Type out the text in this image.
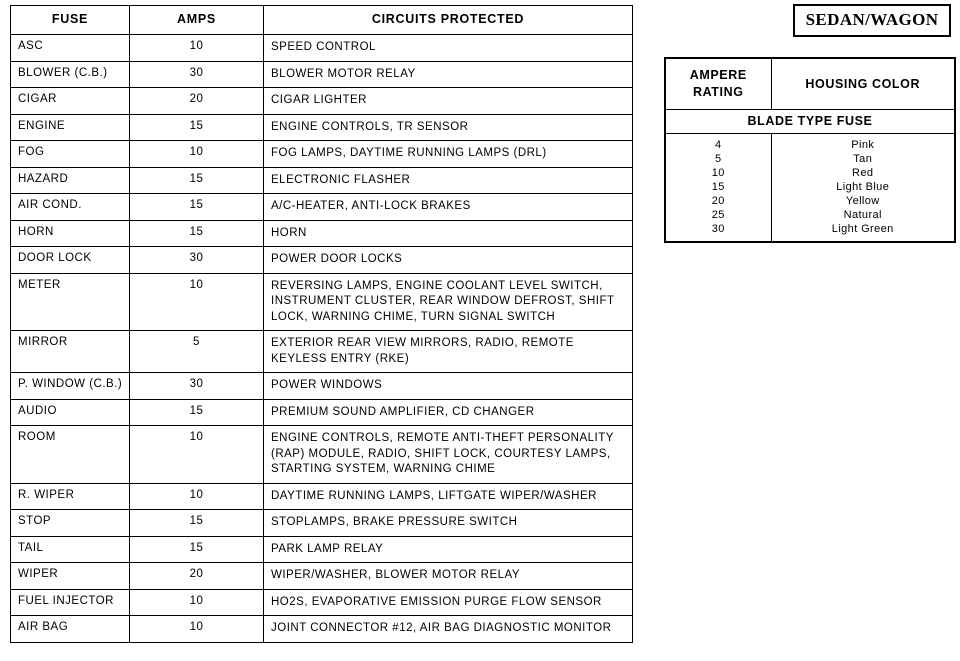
FUSE	AMPS	CIRCUITS PROTECTED
ASC	10	SPEED CONTROL
BLOWER (C.B.)	30	BLOWER MOTOR RELAY
CIGAR	20	CIGAR LIGHTER
ENGINE	15	ENGINE CONTROLS, TR SENSOR
FOG	10	FOG LAMPS, DAYTIME RUNNING LAMPS (DRL)
HAZARD	15	ELECTRONIC FLASHER
AIR COND.	15	A/C-HEATER, ANTI-LOCK BRAKES
HORN	15	HORN
DOOR LOCK	30	POWER DOOR LOCKS
METER	10	REVERSING LAMPS, ENGINE COOLANT LEVEL SWITCH, INSTRUMENT CLUSTER, REAR WINDOW DEFROST, SHIFT LOCK, WARNING CHIME, TURN SIGNAL SWITCH
MIRROR	5	EXTERIOR REAR VIEW MIRRORS, RADIO, REMOTE KEYLESS ENTRY (RKE)
P. WINDOW (C.B.)	30	POWER WINDOWS
AUDIO	15	PREMIUM SOUND AMPLIFIER, CD CHANGER
ROOM	10	ENGINE CONTROLS, REMOTE ANTI-THEFT PERSONALITY (RAP) MODULE, RADIO, SHIFT LOCK, COURTESY LAMPS, STARTING SYSTEM, WARNING CHIME
R. WIPER	10	DAYTIME RUNNING LAMPS, LIFTGATE WIPER/WASHER
STOP	15	STOPLAMPS, BRAKE PRESSURE SWITCH
TAIL	15	PARK LAMP RELAY
WIPER	20	WIPER/WASHER, BLOWER MOTOR RELAY
FUEL INJECTOR	10	HO2S, EVAPORATIVE EMISSION PURGE FLOW SENSOR
AIR BAG	10	JOINT CONNECTOR #12, AIR BAG DIAGNOSTIC MONITOR
SEDAN/WAGON
AMPERE
RATING	HOUSING COLOR
BLADE TYPE FUSE	
4	Pink
5	Tan
10	Red
15	Light Blue
20	Yellow
25	Natural
30	Light Green
